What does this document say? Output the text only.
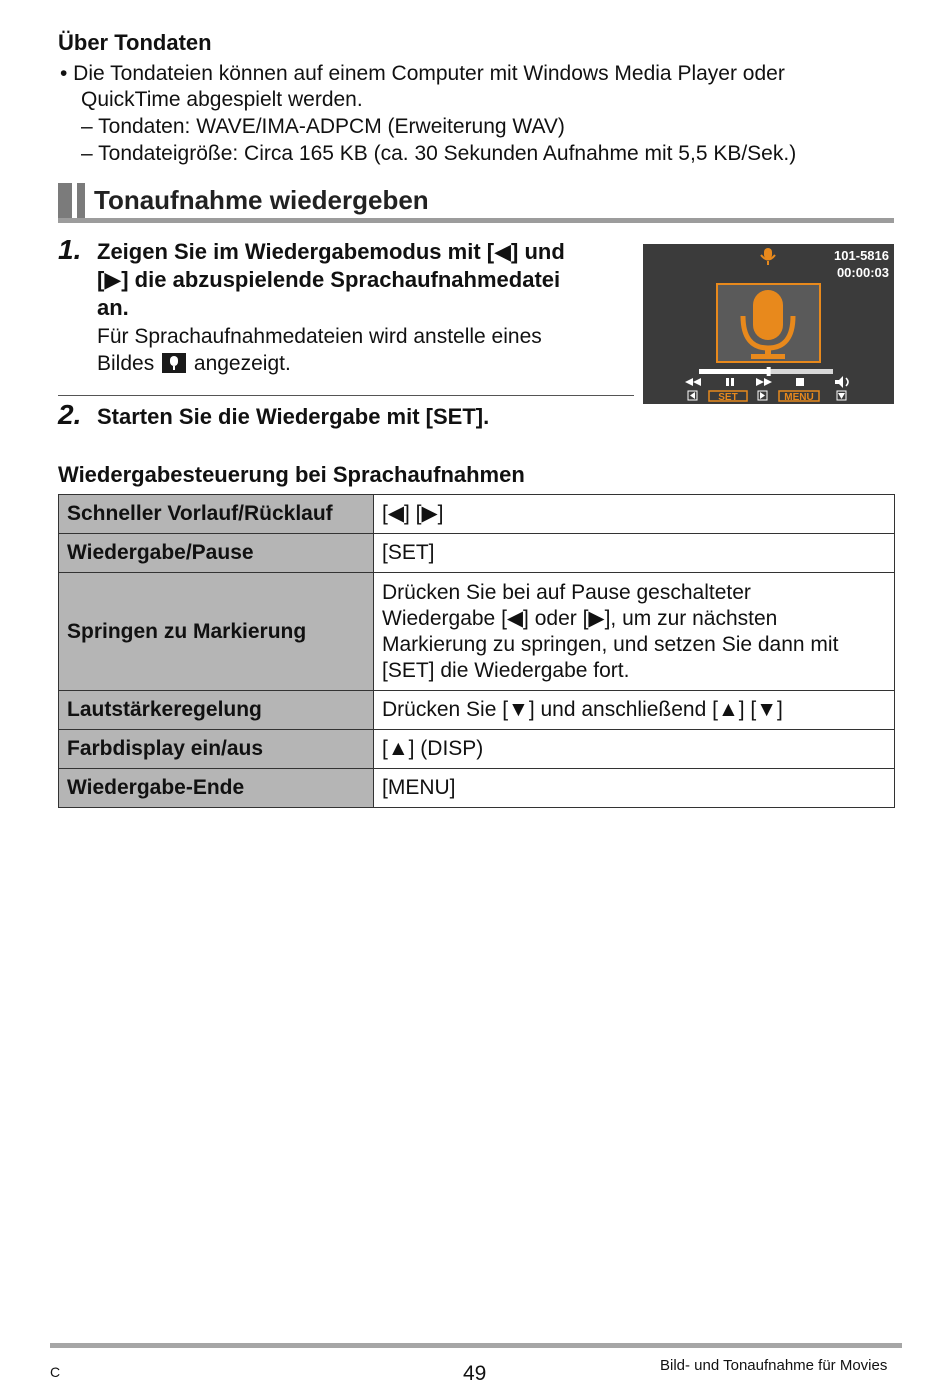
Über Tondaten
• Die Tondateien können auf einem Computer mit Windows Media Player oder
QuickTime abgespielt werden.
– Tondaten: WAVE/IMA-ADPCM (Erweiterung WAV)
– Tondateigröße: Circa 165 KB (ca. 30 Sekunden Aufnahme mit 5,5 KB/Sek.)
Tonaufnahme wiedergeben
1. Zeigen Sie im Wiedergabemodus mit [◀] und
[▶] die abzuspielende Sprachaufnahmedatei
an.
Für Sprachaufnahmedateien wird anstelle eines
Bildes angezeigt.
2. Starten Sie die Wiedergabe mit [SET].
101-5816
00:00:03
SET	MENU
Wiedergabesteuerung bei Sprachaufnahmen
Schneller Vorlauf/Rücklauf	[◀] [▶]
Wiedergabe/Pause	[SET]
Springen zu Markierung	Drücken Sie bei auf Pause geschalteter
Wiedergabe [◀] oder [▶], um zur nächsten
Markierung zu springen, und setzen Sie dann mit
[SET] die Wiedergabe fort.

Lautstärkeregelung	Drücken Sie [▼] und anschließend [▲] [▼]
Farbdisplay ein/aus	[▲] (DISP)
Wiedergabe-Ende	[MENU]
C	49	Bild- und Tonaufnahme für Movies
